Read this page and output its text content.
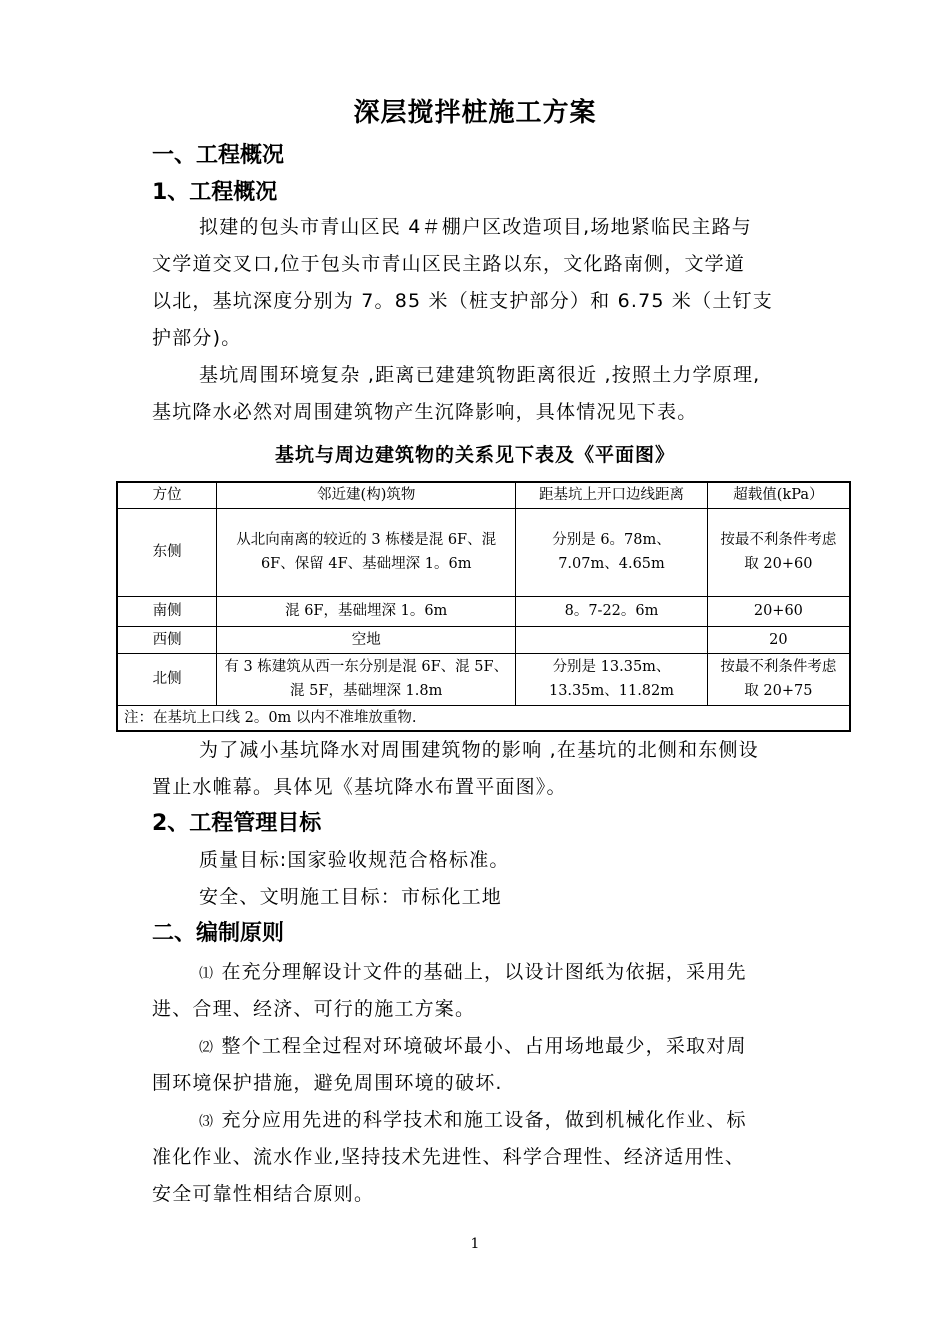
深层搅拌桩施工方案
一、工程概况
1、工程概况
拟建的包头市青山区民 4＃棚户区改造项目,场地紧临民主路与
文学道交叉口,位于包头市青山区民主路以东，文化路南侧，文学道
以北，基坑深度分别为 7。85 米（桩支护部分）和 6.75 米（土钉支
护部分)。
基坑周围环境复杂 ,距离已建建筑物距离很近 ,按照土力学原理,
基坑降水必然对周围建筑物产生沉降影响，具体情况见下表。
基坑与周边建筑物的关系见下表及《平面图》
方位	邻近建(构)筑物	距基坑上开口边线距离	超载值(kPa）
东侧	从北向南离的较近的 3 栋楼是混 6F、混 6F、保留 4F、基础埋深 1。6m	分别是 6。78m、7.07m、4.65m	按最不利条件考虑取 20+60
南侧	混 6F，基础埋深 1。6m	8。7-22。6m	20+60
西侧	空地		20
北侧	有 3 栋建筑从西一东分别是混 6F、混 5F、混 5F，基础埋深 1.8m	分别是 13.35m、13.35m、11.82m	按最不利条件考虑取 20+75
注：在基坑上口线 2。0m 以内不准堆放重物.			
为了减小基坑降水对周围建筑物的影响 ,在基坑的北侧和东侧设
置止水帷幕。具体见《基坑降水布置平面图》。
2、工程管理目标
质量目标:国家验收规范合格标准。
安全、文明施工目标：市标化工地
二、编制原则
⑴ 在充分理解设计文件的基础上，以设计图纸为依据，采用先
进、合理、经济、可行的施工方案。
⑵ 整个工程全过程对环境破坏最小、占用场地最少，采取对周
围环境保护措施，避免周围环境的破坏.
⑶ 充分应用先进的科学技术和施工设备，做到机械化作业、标
准化作业、流水作业,坚持技术先进性、科学合理性、经济适用性、
安全可靠性相结合原则。
1
